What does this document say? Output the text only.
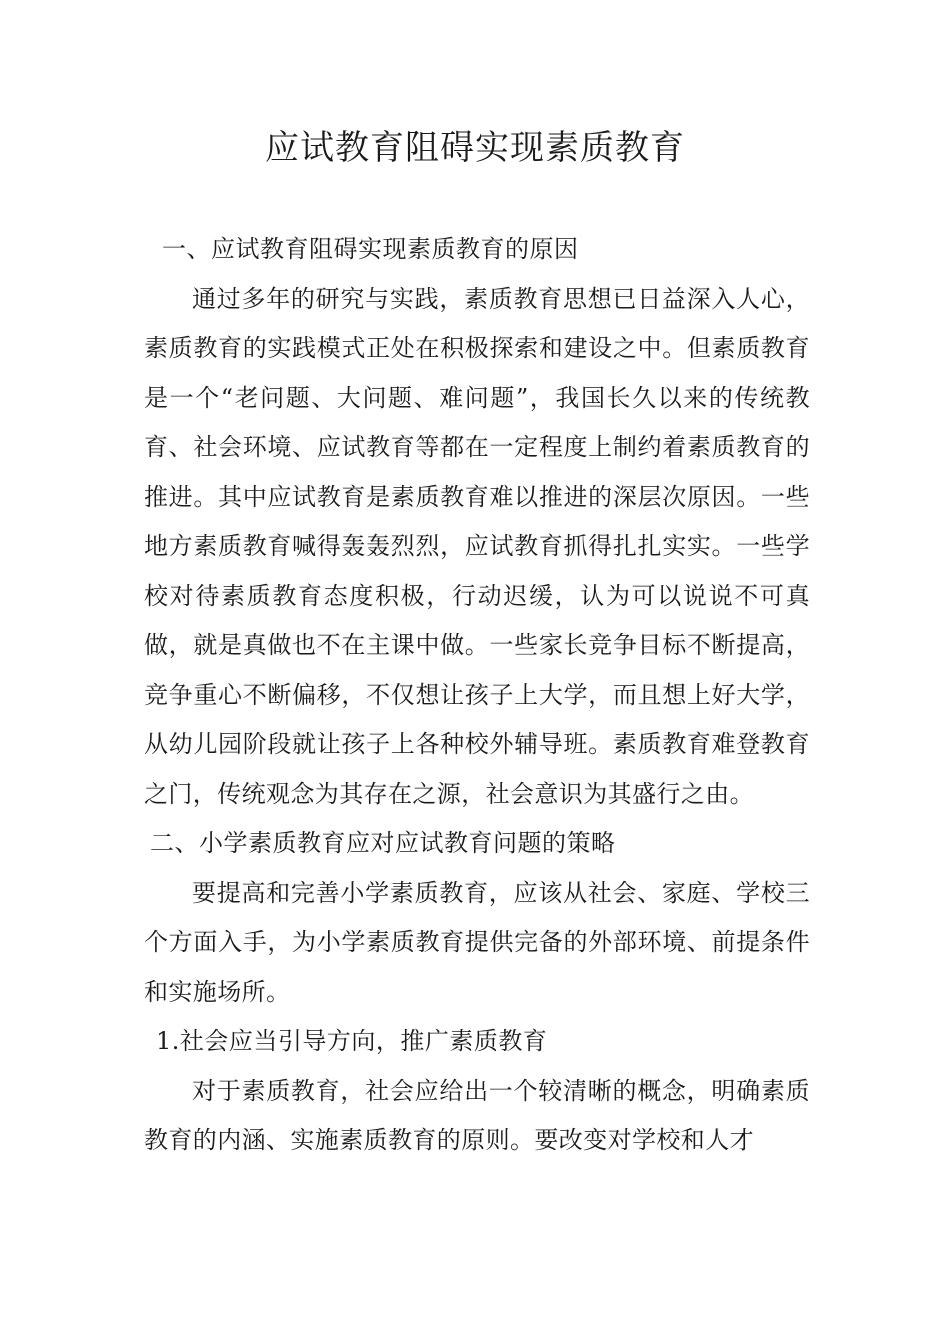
应试教育阻碍实现素质教育

一、应试教育阻碍实现素质教育的原因

通过多年的研究与实践，素质教育思想已日益深入人心，素质教育的实践模式正处在积极探索和建设之中。但素质教育是一个“老问题、大问题、难问题”，我国长久以来的传统教育、社会环境、应试教育等都在一定程度上制约着素质教育的推进。其中应试教育是素质教育难以推进的深层次原因。一些地方素质教育喊得轰轰烈烈，应试教育抓得扎扎实实。一些学校对待素质教育态度积极，行动迟缓，认为可以说说不可真做，就是真做也不在主课中做。一些家长竞争目标不断提高，竞争重心不断偏移，不仅想让孩子上大学，而且想上好大学，从幼儿园阶段就让孩子上各种校外辅导班。素质教育难登教育之门，传统观念为其存在之源，社会意识为其盛行之由。

二、小学素质教育应对应试教育问题的策略

要提高和完善小学素质教育，应该从社会、家庭、学校三个方面入手，为小学素质教育提供完备的外部环境、前提条件和实施场所。

1.社会应当引导方向，推广素质教育

对于素质教育，社会应给出一个较清晰的概念，明确素质教育的内涵、实施素质教育的原则。要改变对学校和人才
